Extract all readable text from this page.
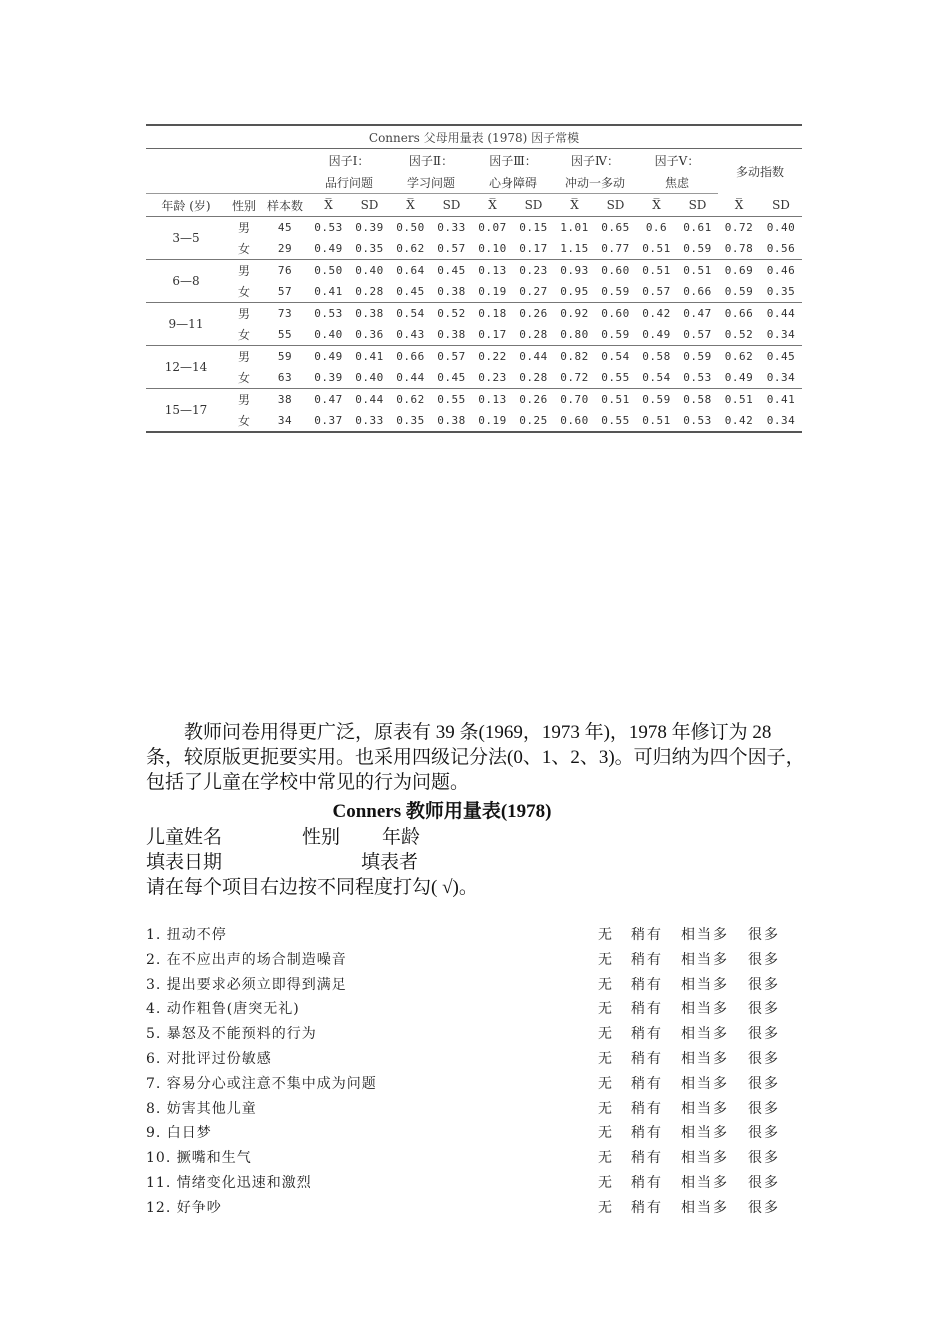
Conners 父母用量表 (1978) 因子常模														
			因子Ⅰ：		因子Ⅱ：		因子Ⅲ：		因子Ⅳ：		因子Ⅴ：		多动指数	
			品行问题		学习问题		心身障碍		冲动一多动		焦虑			
年龄 (岁)	性别	样本数	X̅	SD	X̅	SD	X̅	SD	X̅	SD	X̅	SD	X̅	SD
3—5	男	45	0.53	0.39	0.50	0.33	0.07	0.15	1.01	0.65	0.6	0.61	0.72	0.40
	女	29	0.49	0.35	0.62	0.57	0.10	0.17	1.15	0.77	0.51	0.59	0.78	0.56
6—8	男	76	0.50	0.40	0.64	0.45	0.13	0.23	0.93	0.60	0.51	0.51	0.69	0.46
	女	57	0.41	0.28	0.45	0.38	0.19	0.27	0.95	0.59	0.57	0.66	0.59	0.35
9—11	男	73	0.53	0.38	0.54	0.52	0.18	0.26	0.92	0.60	0.42	0.47	0.66	0.44
	女	55	0.40	0.36	0.43	0.38	0.17	0.28	0.80	0.59	0.49	0.57	0.52	0.34
12—14	男	59	0.49	0.41	0.66	0.57	0.22	0.44	0.82	0.54	0.58	0.59	0.62	0.45
	女	63	0.39	0.40	0.44	0.45	0.23	0.28	0.72	0.55	0.54	0.53	0.49	0.34
15—17	男	38	0.47	0.44	0.62	0.55	0.13	0.26	0.70	0.51	0.59	0.58	0.51	0.41
	女	34	0.37	0.33	0.35	0.38	0.19	0.25	0.60	0.55	0.51	0.53	0.42	0.34
教师问卷用得更广泛，原表有 39 条(1969，1973 年)，1978 年修订为 28 条，较原版更扼要实用。也采用四级记分法(0、1、2、3)。可归纳为四个因子，包括了儿童在学校中常见的行为问题。
Conners 教师用量表(1978)
儿童姓名	性别 年龄
填表日期	填表者
请在每个项目右边按不同程度打勾( √)。
1. 扭动不停	无 稍有 相当多 很多
2. 在不应出声的场合制造噪音	无 稍有 相当多 很多
3. 提出要求必须立即得到满足	无 稍有 相当多 很多
4. 动作粗鲁(唐突无礼)	无 稍有 相当多 很多
5. 暴怒及不能预料的行为	无 稍有 相当多 很多
6. 对批评过份敏感	无 稍有 相当多 很多
7. 容易分心或注意不集中成为问题	无 稍有 相当多 很多
8. 妨害其他儿童	无 稍有 相当多 很多
9. 白日梦	无 稍有 相当多 很多
10. 撅嘴和生气	无 稍有 相当多 很多
11. 情绪变化迅速和激烈	无 稍有 相当多 很多
12. 好争吵	无 稍有 相当多 很多
